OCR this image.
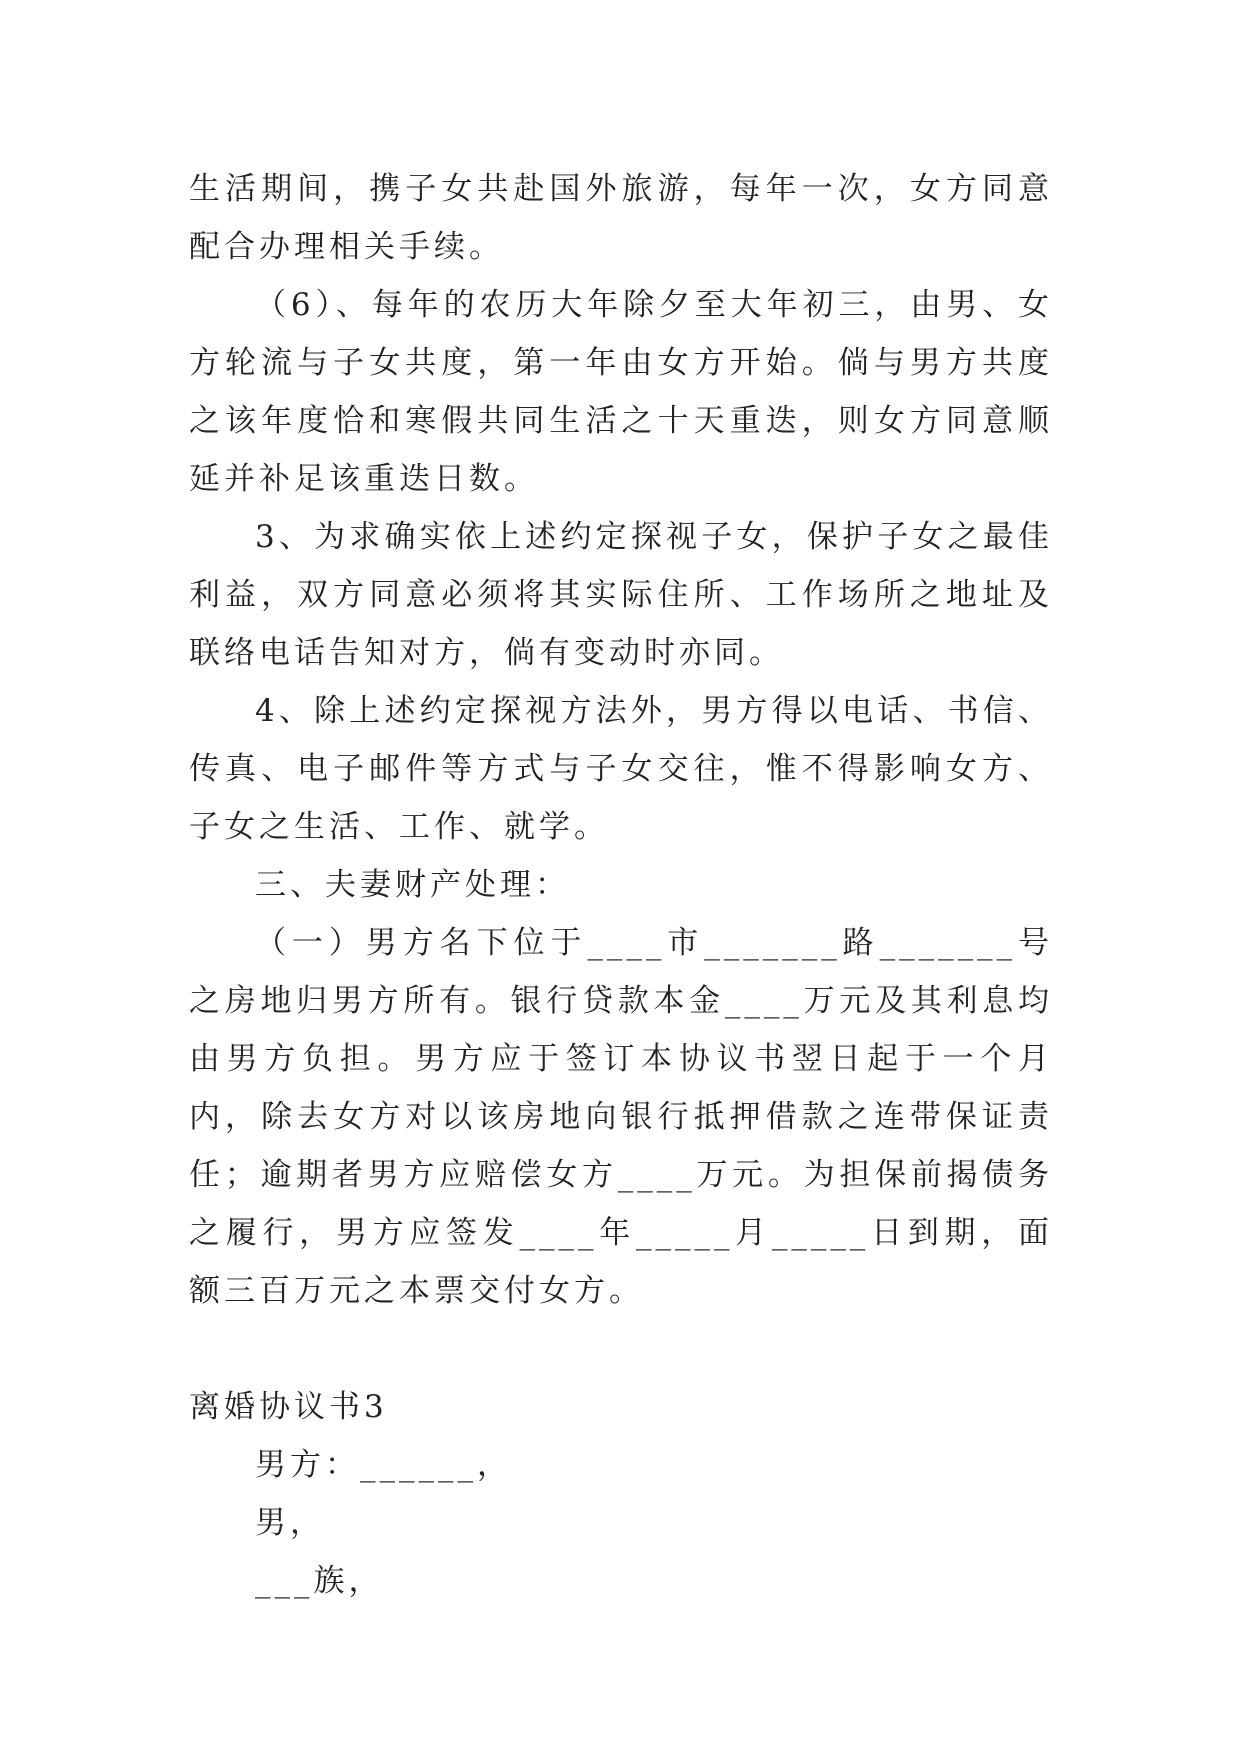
生活期间，携子女共赴国外旅游，每年一次，女方同意配合办理相关手续。

（6）、每年的农历大年除夕至大年初三，由男、女方轮流与子女共度，第一年由女方开始。倘与男方共度之该年度恰和寒假共同生活之十天重迭，则女方同意顺延并补足该重迭日数。

3、为求确实依上述约定探视子女，保护子女之最佳利益，双方同意必须将其实际住所、工作场所之地址及联络电话告知对方，倘有变动时亦同。

4、除上述约定探视方法外，男方得以电话、书信、传真、电子邮件等方式与子女交往，惟不得影响女方、子女之生活、工作、就学。

三、夫妻财产处理：

（一）男方名下位于____市_______路_______号之房地归男方所有。银行贷款本金____万元及其利息均由男方负担。男方应于签订本协议书翌日起于一个月内，除去女方对以该房地向银行抵押借款之连带保证责任；逾期者男方应赔偿女方____万元。为担保前揭债务之履行，男方应签发____年_____月_____日到期，面额三百万元之本票交付女方。

离婚协议书3

男方：______，

男，

___族，
